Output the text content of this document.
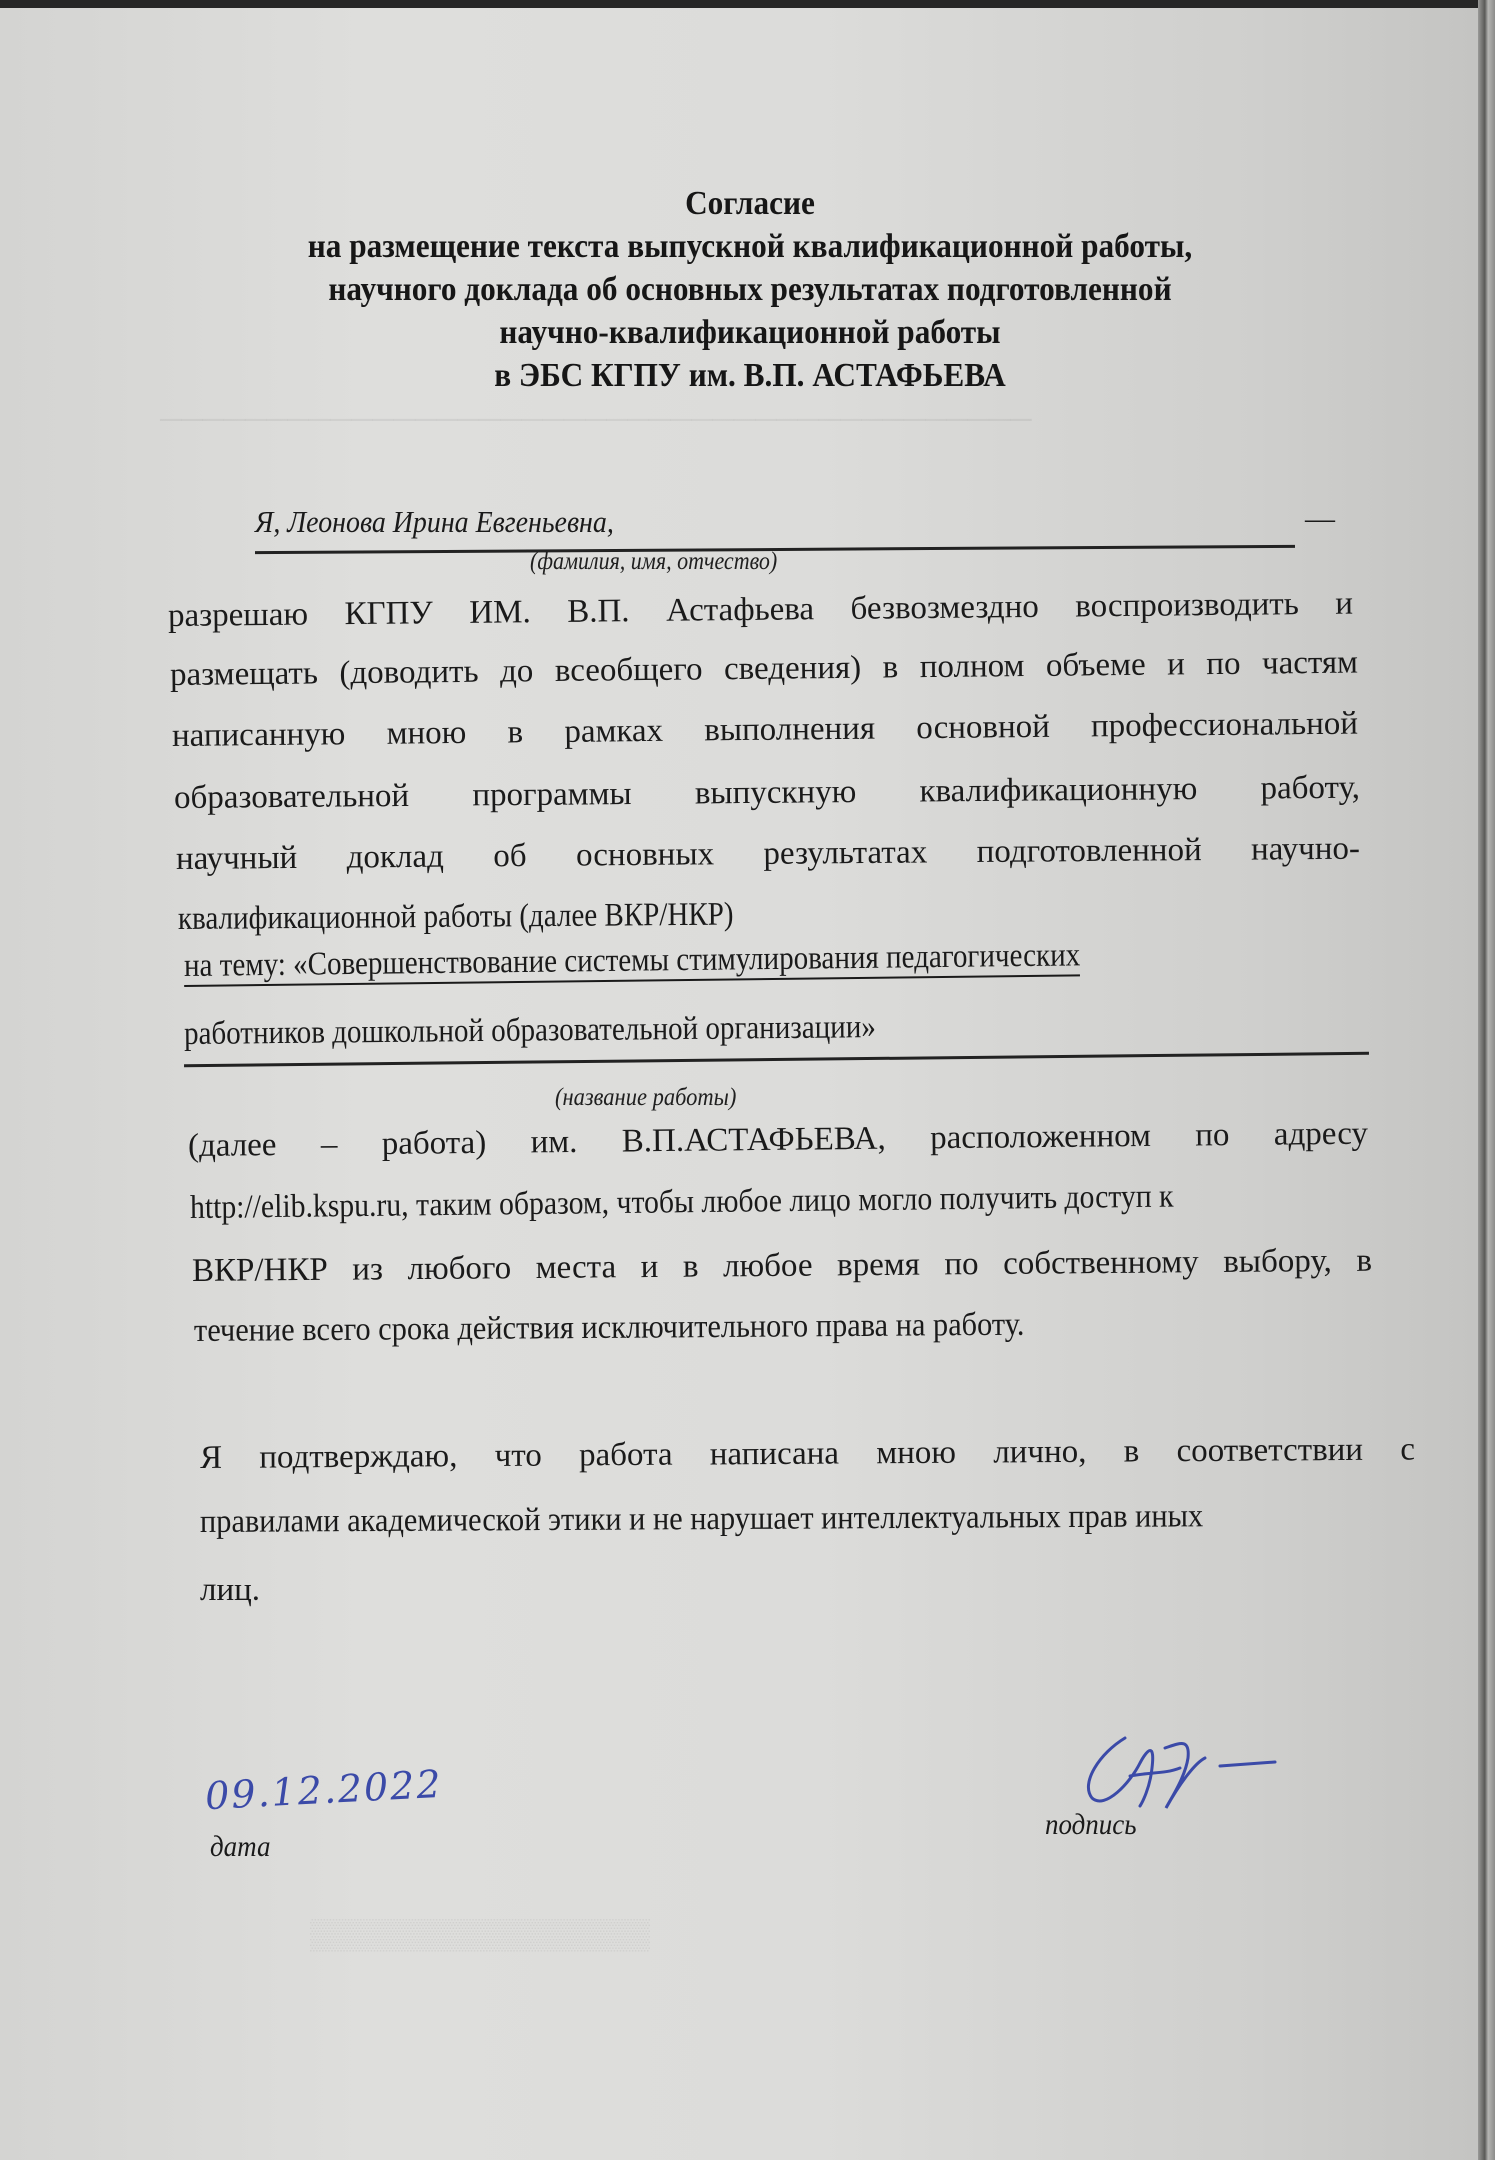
─────────────────────────────────────────
Согласие
на размещение текста выпускной квалификационной работы,
научного доклада об основных результатах подготовленной
научно-квалификационной работы
в ЭБС КГПУ им. В.П. АСТАФЬЕВА
Я, Леонова Ирина Евгеньевна,	—
(фамилия, имя, отчество)
разрешаю КГПУ ИМ. В.П. Астафьева безвозмездно воспроизводить и
размещать (доводить до всеобщего сведения) в полном объеме и по частям
написанную мною в рамках выполнения основной профессиональной
образовательной программы выпускную квалификационную работу,
научный доклад об основных результатах подготовленной научно-
квалификационной работы (далее ВКР/НКР)
на тему: «Совершенствование системы стимулирования педагогических
работников дошкольной образовательной организации»
(название работы)
(далее – работа) им. В.П.АСТАФЬЕВА, расположенном по адресу
http://elib.kspu.ru, таким образом, чтобы любое лицо могло получить доступ к
ВКР/НКР из любого места и в любое время по собственному выбору, в
течение всего срока действия исключительного права на работу.
Я подтверждаю, что работа написана мною лично, в соответствии с
правилами академической этики и не нарушает интеллектуальных прав иных
лиц.
09.12.2022
дата
подпись
▒▒▒▒▒▒▒▒▒▒▒▒▒▒▒▒
